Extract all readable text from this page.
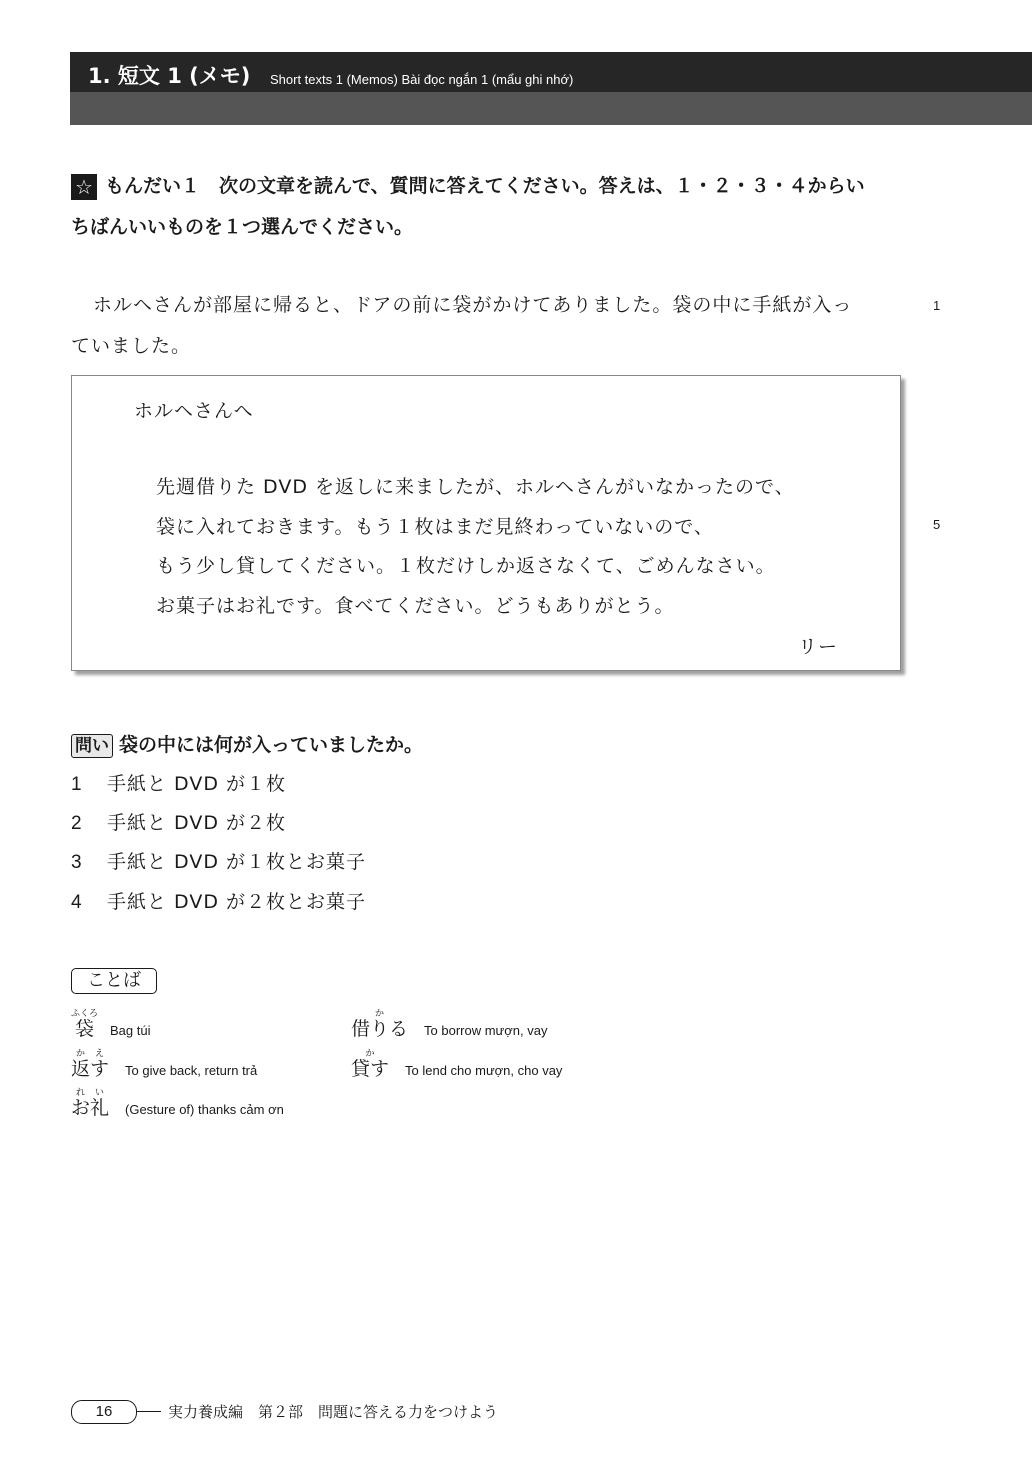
1. 短文 1 (メモ) Short texts 1 (Memos) Bài đọc ngắn 1 (mẩu ghi nhớ)
☆ もんだい１　次の文章を読んで、質問に答えてください。答えは、１・２・３・４からい
ちばんいいものを１つ選んでください。
ホルヘさんが部屋に帰ると、ドアの前に袋がかけてありました。袋の中に手紙が入っ	1
ていました。
ホルヘさんへ
先週借りた DVD を返しに来ましたが、ホルヘさんがいなかったので、
袋に入れておきます。もう１枚はまだ見終わっていないので、
もう少し貸してください。１枚だけしか返さなくて、ごめんなさい。
お菓子はお礼です。食べてください。どうもありがとう。
リー
5
問い 袋の中には何が入っていましたか。
1 手紙と DVD が１枚
2 手紙と DVD が２枚
3 手紙と DVD が１枚とお菓子
4 手紙と DVD が２枚とお菓子
ことば
袋ふくろBag túi	借りるかTo borrow mượn, vay
返すかえTo give back, return trả	貸すかTo lend cho mượn, cho vay
お礼れい(Gesture of) thanks cảm ơn
16	実力養成編　第２部　問題に答える力をつけよう
